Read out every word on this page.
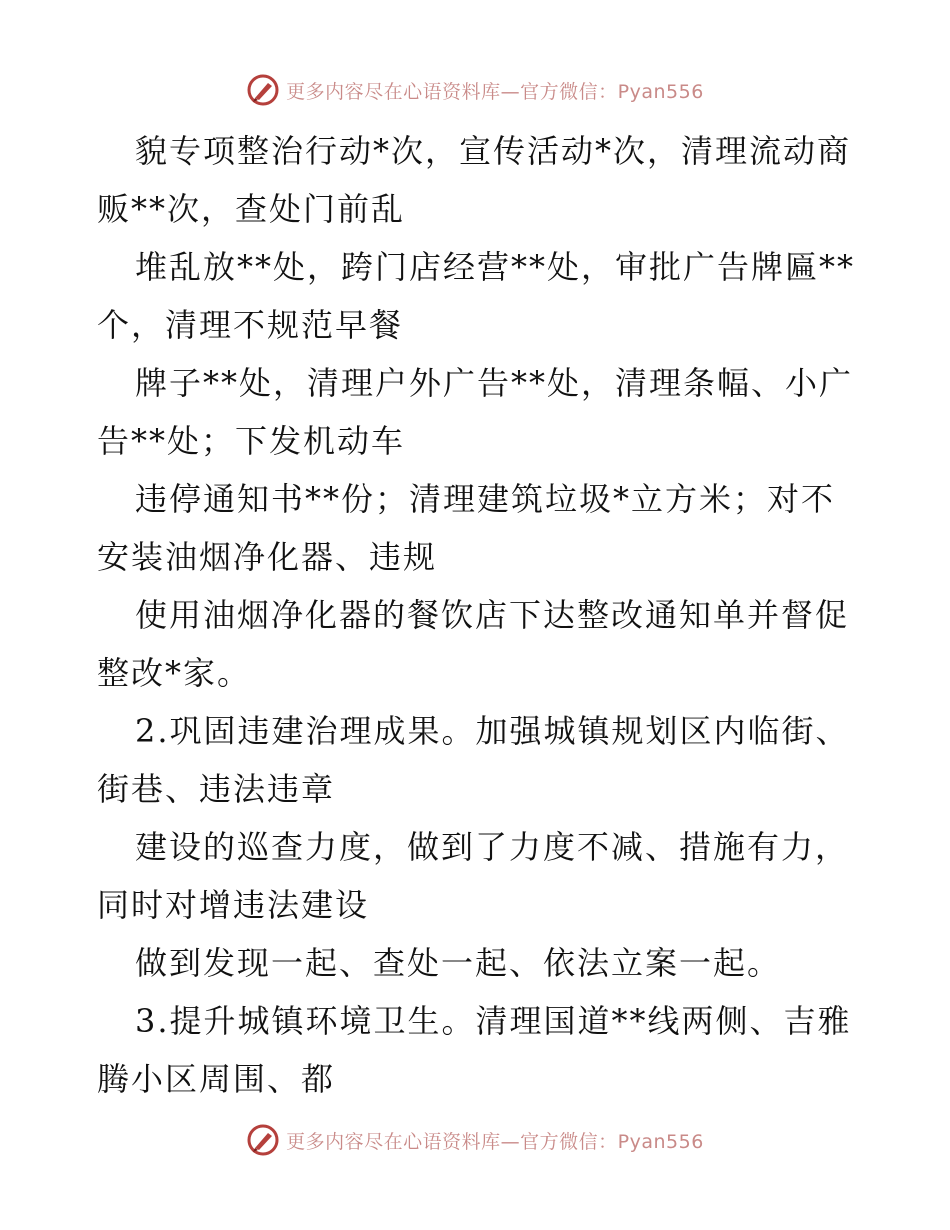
更多内容尽在心语资料库—官方微信：Pyan556

貌专项整治行动*次，宣传活动*次，清理流动商贩**次，查处门前乱

堆乱放**处，跨门店经营**处，审批广告牌匾**个，清理不规范早餐

牌子**处，清理户外广告**处，清理条幅、小广告**处；下发机动车

违停通知书**份；清理建筑垃圾*立方米；对不安装油烟净化器、违规

使用油烟净化器的餐饮店下达整改通知单并督促整改*家。

2.巩固违建治理成果。加强城镇规划区内临街、街巷、违法违章

建设的巡查力度，做到了力度不减、措施有力，同时对增违法建设

做到发现一起、查处一起、依法立案一起。

3.提升城镇环境卫生。清理国道**线两侧、吉雅腾小区周围、都

更多内容尽在心语资料库—官方微信：Pyan556
